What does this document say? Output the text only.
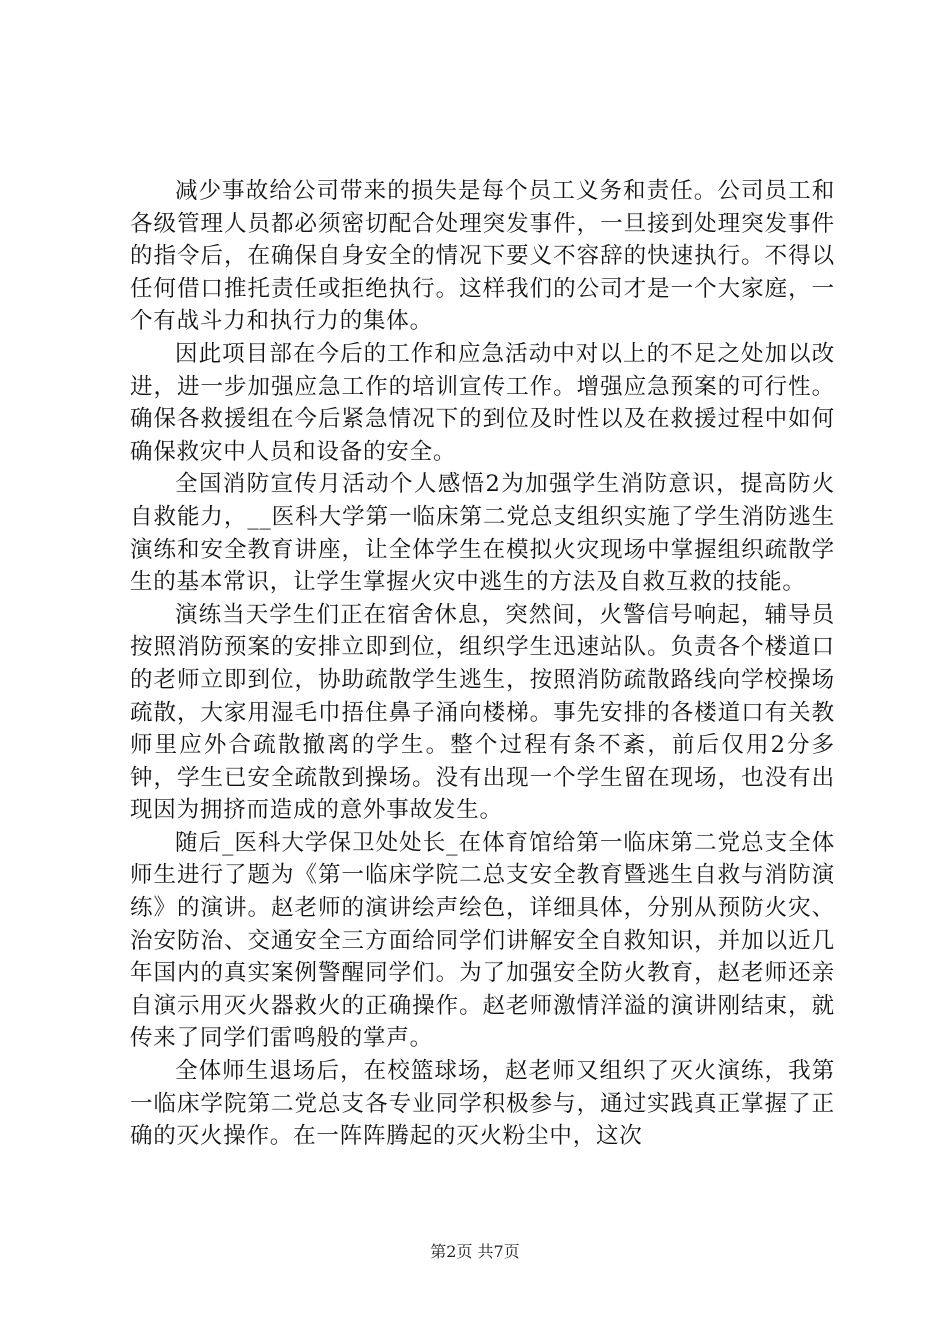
减少事故给公司带来的损失是每个员工义务和责任。公司员工和各级管理人员都必须密切配合处理突发事件，一旦接到处理突发事件的指令后，在确保自身安全的情况下要义不容辞的快速执行。不得以任何借口推托责任或拒绝执行。这样我们的公司才是一个大家庭，一个有战斗力和执行力的集体。

因此项目部在今后的工作和应急活动中对以上的不足之处加以改进，进一步加强应急工作的培训宣传工作。增强应急预案的可行性。确保各救援组在今后紧急情况下的到位及时性以及在救援过程中如何确保救灾中人员和设备的安全。

全国消防宣传月活动个人感悟2为加强学生消防意识，提高防火自救能力，__医科大学第一临床第二党总支组织实施了学生消防逃生演练和安全教育讲座，让全体学生在模拟火灾现场中掌握组织疏散学生的基本常识，让学生掌握火灾中逃生的方法及自救互救的技能。

演练当天学生们正在宿舍休息，突然间，火警信号响起，辅导员按照消防预案的安排立即到位，组织学生迅速站队。负责各个楼道口的老师立即到位，协助疏散学生逃生，按照消防疏散路线向学校操场疏散，大家用湿毛巾捂住鼻子涌向楼梯。事先安排的各楼道口有关教师里应外合疏散撤离的学生。整个过程有条不紊，前后仅用2分多钟，学生已安全疏散到操场。没有出现一个学生留在现场，也没有出现因为拥挤而造成的意外事故发生。

随后_医科大学保卫处处长_在体育馆给第一临床第二党总支全体师生进行了题为《第一临床学院二总支安全教育暨逃生自救与消防演练》的演讲。赵老师的演讲绘声绘色，详细具体，分别从预防火灾、治安防治、交通安全三方面给同学们讲解安全自救知识，并加以近几年国内的真实案例警醒同学们。为了加强安全防火教育，赵老师还亲自演示用灭火器救火的正确操作。赵老师激情洋溢的演讲刚结束，就传来了同学们雷鸣般的掌声。

全体师生退场后，在校篮球场，赵老师又组织了灭火演练，我第一临床学院第二党总支各专业同学积极参与，通过实践真正掌握了正确的灭火操作。在一阵阵腾起的灭火粉尘中，这次

第2页 共7页
